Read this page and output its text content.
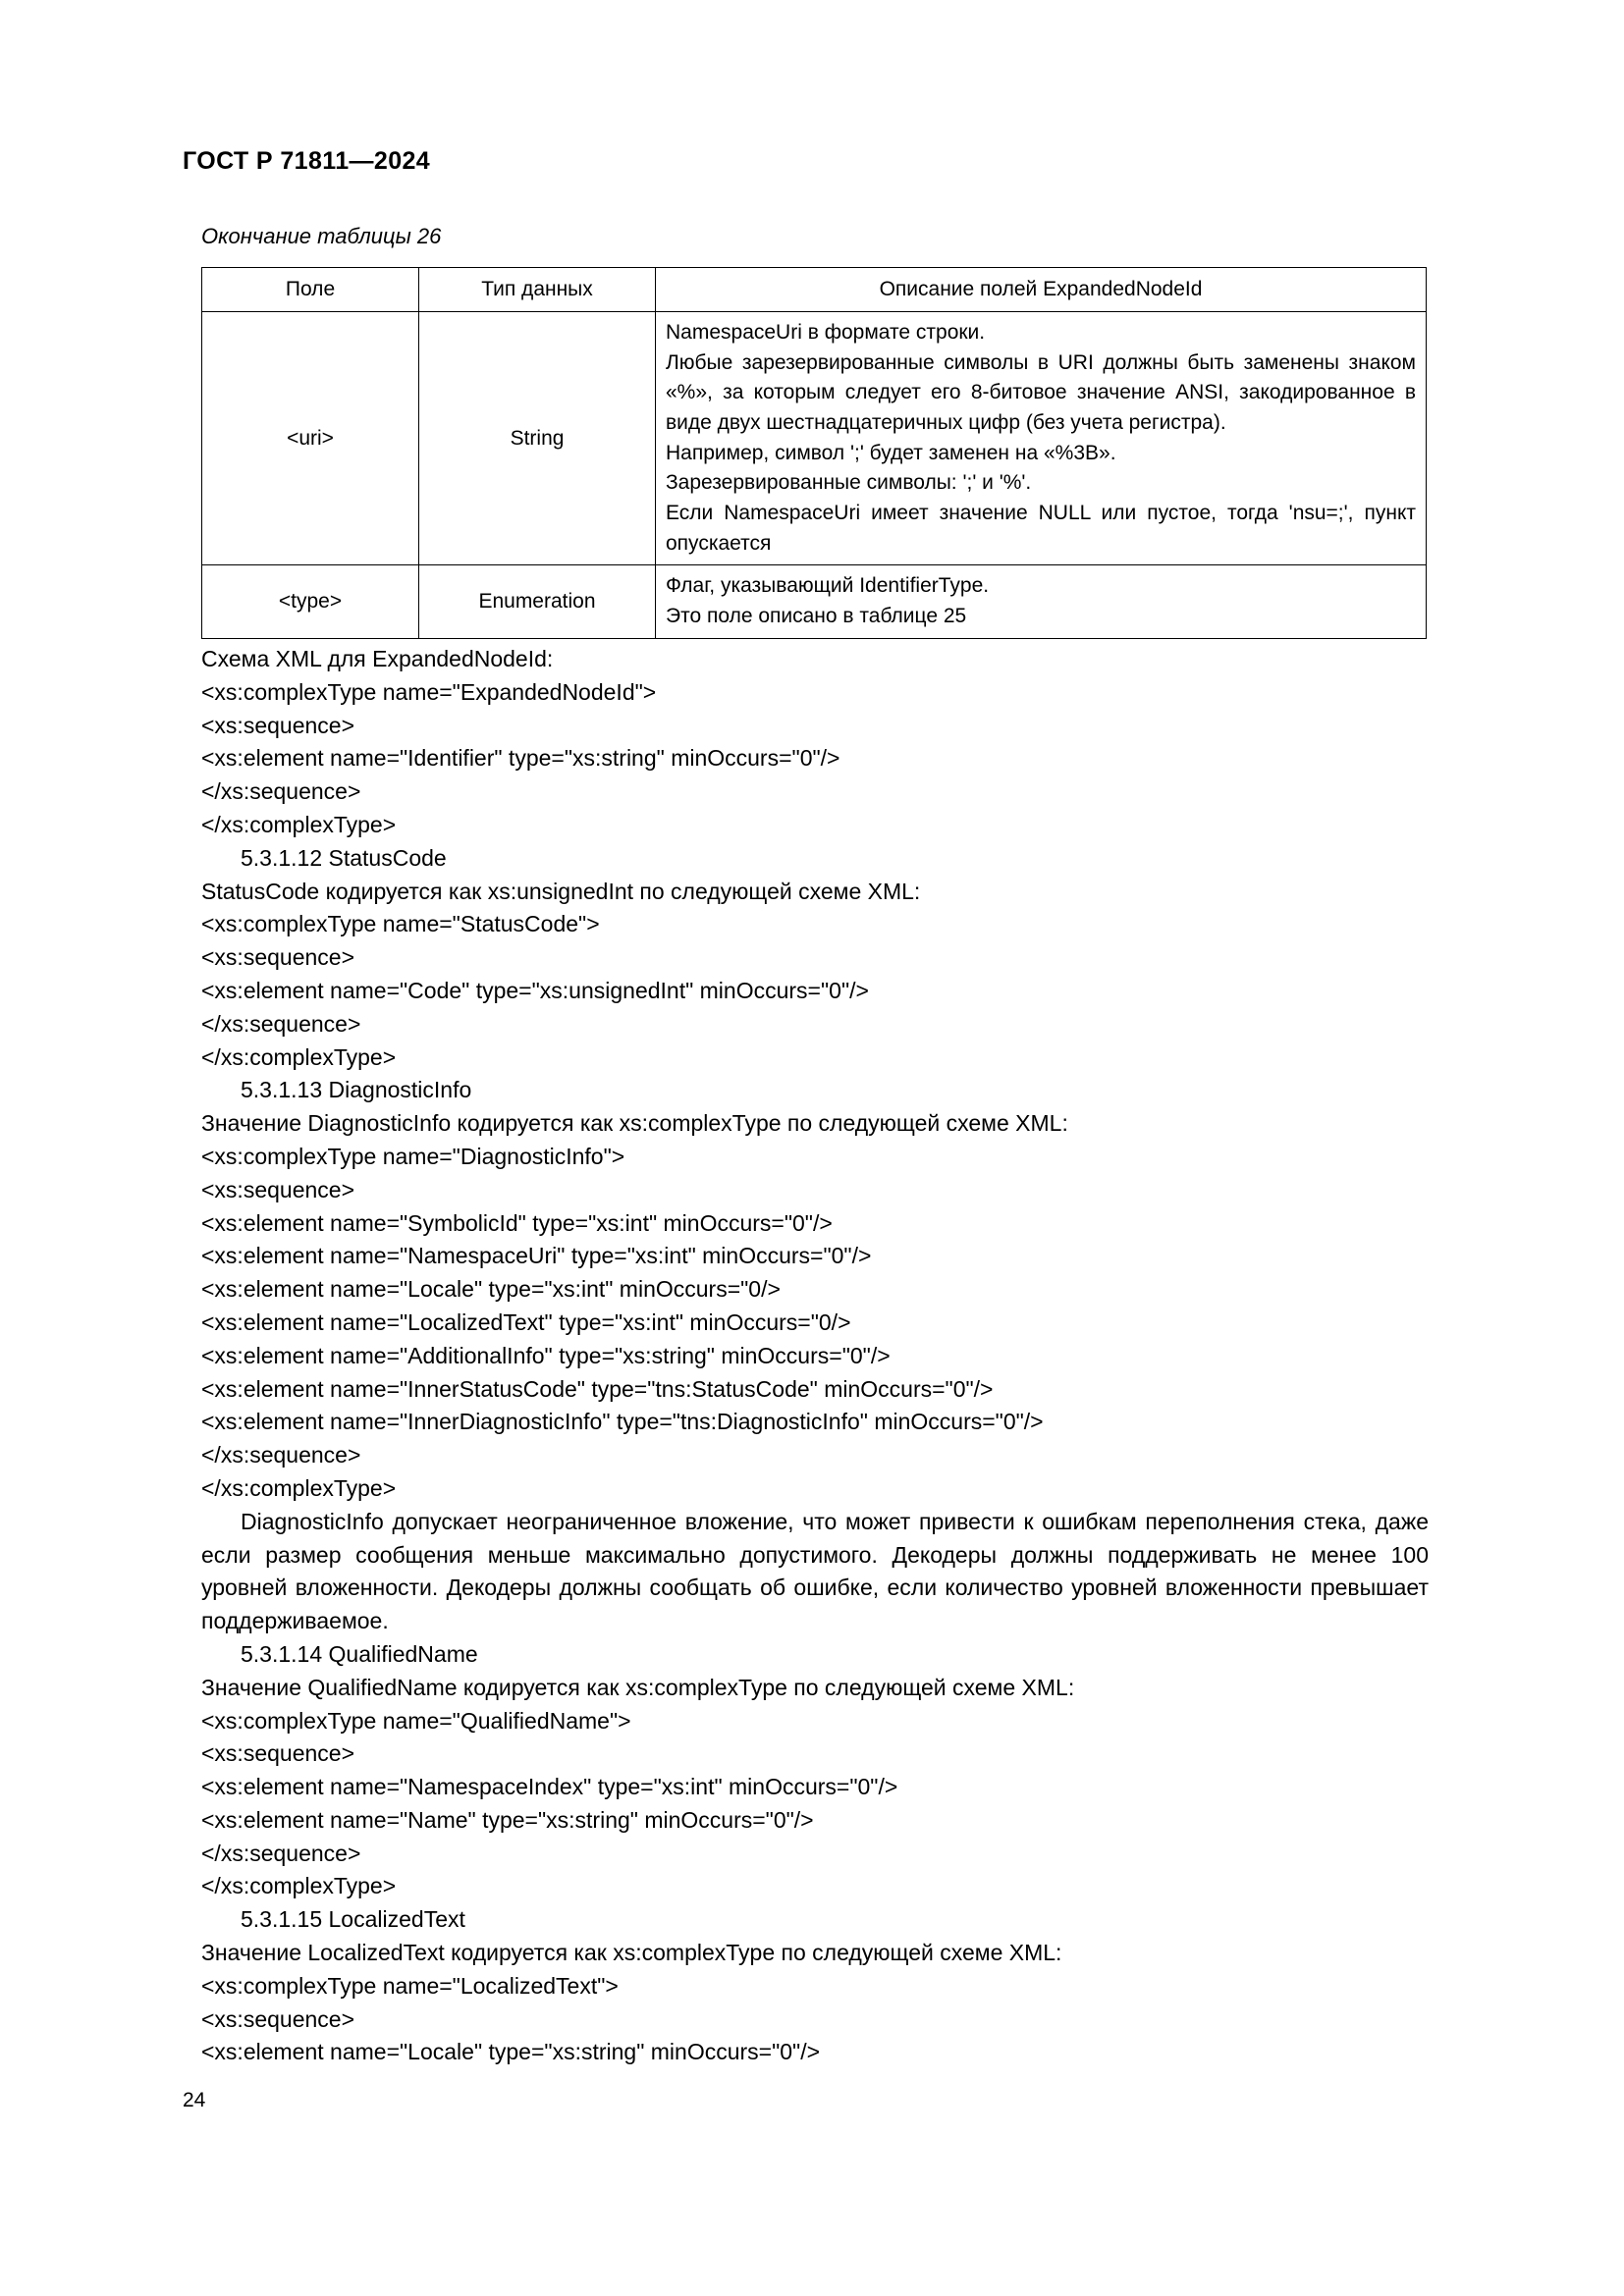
ГОСТ Р 71811—2024
Окончание таблицы 26
Поле	Тип данных	Описание полей ExpandedNodeId
<uri>	String	NamespaceUri в формате строки.
Любые зарезервированные символы в URI должны быть заменены знаком «%», за которым следует его 8-битовое значение ANSI, закодированное в виде двух шестнадцатеричных цифр (без учета регистра).
Например, символ ';' будет заменен на «%3B».
Зарезервированные символы: ';' и '%'.
Если NamespaceUri имеет значение NULL или пустое, тогда 'nsu=;', пункт опускается

<type>	Enumeration	Флаг, указывающий IdentifierType.
Это поле описано в таблице 25
Схема XML для ExpandedNodeId:
<xs:complexType name="ExpandedNodeId">
<xs:sequence>
<xs:element name="Identifier" type="xs:string" minOccurs="0"/>
</xs:sequence>
</xs:complexType>
5.3.1.12 StatusCode
StatusCode кодируется как xs:unsignedInt по следующей схеме XML:
<xs:complexType name="StatusCode">
<xs:sequence>
<xs:element name="Code" type="xs:unsignedInt" minOccurs="0"/>
</xs:sequence>
</xs:complexType>
5.3.1.13 DiagnosticInfo
Значение DiagnosticInfo кодируется как xs:complexType по следующей схеме XML:
<xs:complexType name="DiagnosticInfo">
<xs:sequence>
<xs:element name="SymbolicId" type="xs:int" minOccurs="0"/>
<xs:element name="NamespaceUri" type="xs:int" minOccurs="0"/>
<xs:element name="Locale" type="xs:int" minOccurs="0/>
<xs:element name="LocalizedText" type="xs:int" minOccurs="0/>
<xs:element name="AdditionalInfo" type="xs:string" minOccurs="0"/>
<xs:element name="InnerStatusCode" type="tns:StatusCode" minOccurs="0"/>
<xs:element name="InnerDiagnosticInfo" type="tns:DiagnosticInfo" minOccurs="0"/>
</xs:sequence>
</xs:complexType>
DiagnosticInfo допускает неограниченное вложение, что может привести к ошибкам переполнения стека, даже если размер сообщения меньше максимально допустимого. Декодеры должны поддерживать не менее 100 уровней вложенности. Декодеры должны сообщать об ошибке, если количество уровней вложенности превышает поддерживаемое.
5.3.1.14 QualifiedName
Значение QualifiedName кодируется как xs:complexType по следующей схеме XML:
<xs:complexType name="QualifiedName">
<xs:sequence>
<xs:element name="NamespaceIndex" type="xs:int" minOccurs="0"/>
<xs:element name="Name" type="xs:string" minOccurs="0"/>
</xs:sequence>
</xs:complexType>
5.3.1.15 LocalizedText
Значение LocalizedText кодируется как xs:complexType по следующей схеме XML:
<xs:complexType name="LocalizedText">
<xs:sequence>
<xs:element name="Locale" type="xs:string" minOccurs="0"/>
24
